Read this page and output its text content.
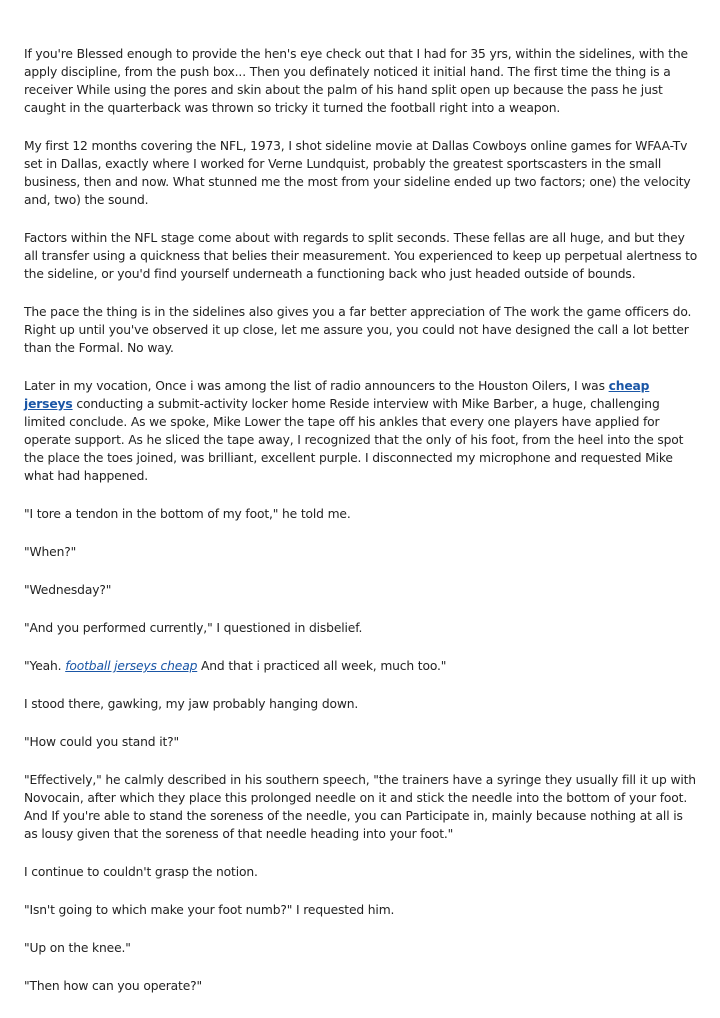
If you're Blessed enough to provide the hen's eye check out that I had for 35 yrs, within the sidelines, with the apply discipline, from the push box... Then you definately noticed it initial hand. The first time the thing is a receiver While using the pores and skin about the palm of his hand split open up because the pass he just caught in the quarterback was thrown so tricky it turned the football right into a weapon.

My first 12 months covering the NFL, 1973, I shot sideline movie at Dallas Cowboys online games for WFAA-Tv set in Dallas, exactly where I worked for Verne Lundquist, probably the greatest sportscasters in the small business, then and now. What stunned me the most from your sideline ended up two factors; one) the velocity and, two) the sound.

Factors within the NFL stage come about with regards to split seconds. These fellas are all huge, and but they all transfer using a quickness that belies their measurement. You experienced to keep up perpetual alertness to the sideline, or you'd find yourself underneath a functioning back who just headed outside of bounds.

The pace the thing is in the sidelines also gives you a far better appreciation of The work the game officers do. Right up until you've observed it up close, let me assure you, you could not have designed the call a lot better than the Formal. No way.

Later in my vocation, Once i was among the list of radio announcers to the Houston Oilers, I was cheap jerseys conducting a submit-activity locker home Reside interview with Mike Barber, a huge, challenging limited conclude. As we spoke, Mike Lower the tape off his ankles that every one players have applied for operate support. As he sliced the tape away, I recognized that the only of his foot, from the heel into the spot the place the toes joined, was brilliant, excellent purple. I disconnected my microphone and requested Mike what had happened.

"I tore a tendon in the bottom of my foot," he told me.

"When?"

"Wednesday?"

"And you performed currently," I questioned in disbelief.

"Yeah. football jerseys cheap And that i practiced all week, much too."

I stood there, gawking, my jaw probably hanging down.

"How could you stand it?"

"Effectively," he calmly described in his southern speech, "the trainers have a syringe they usually fill it up with Novocain, after which they place this prolonged needle on it and stick the needle into the bottom of your foot. And If you're able to stand the soreness of the needle, you can Participate in, mainly because nothing at all is as lousy given that the soreness of that needle heading into your foot."

I continue to couldn't grasp the notion.

"Isn't going to which make your foot numb?" I requested him.

"Up on the knee."

"Then how can you operate?"
